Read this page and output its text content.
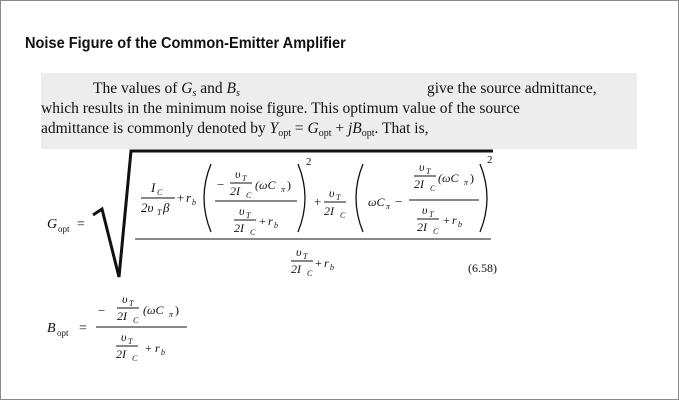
Noise Figure of the Common-Emitter Amplifier
The values of $G_s$ and $B_s$	give the source admittance,
which results in the minimum noise figure. This optimum value of the source
admittance is commonly denoted by $Y_{opt} = G_{opt} + jB_{opt}$. That is,
G opt =
I C
2υ T β
+ r b
−
υ T
2I C
(ωC π )
υ T
2I C
+ r b
2
+
υ T
2I C
ωC π −
υ T
2I C
(ωC π )
υ T
2I C
+ r b
2
υ T
2I C
+ r b	(6.58)
B opt =
−
υ T
2I C
(ωC π )
υ T
2I C
+ r b
